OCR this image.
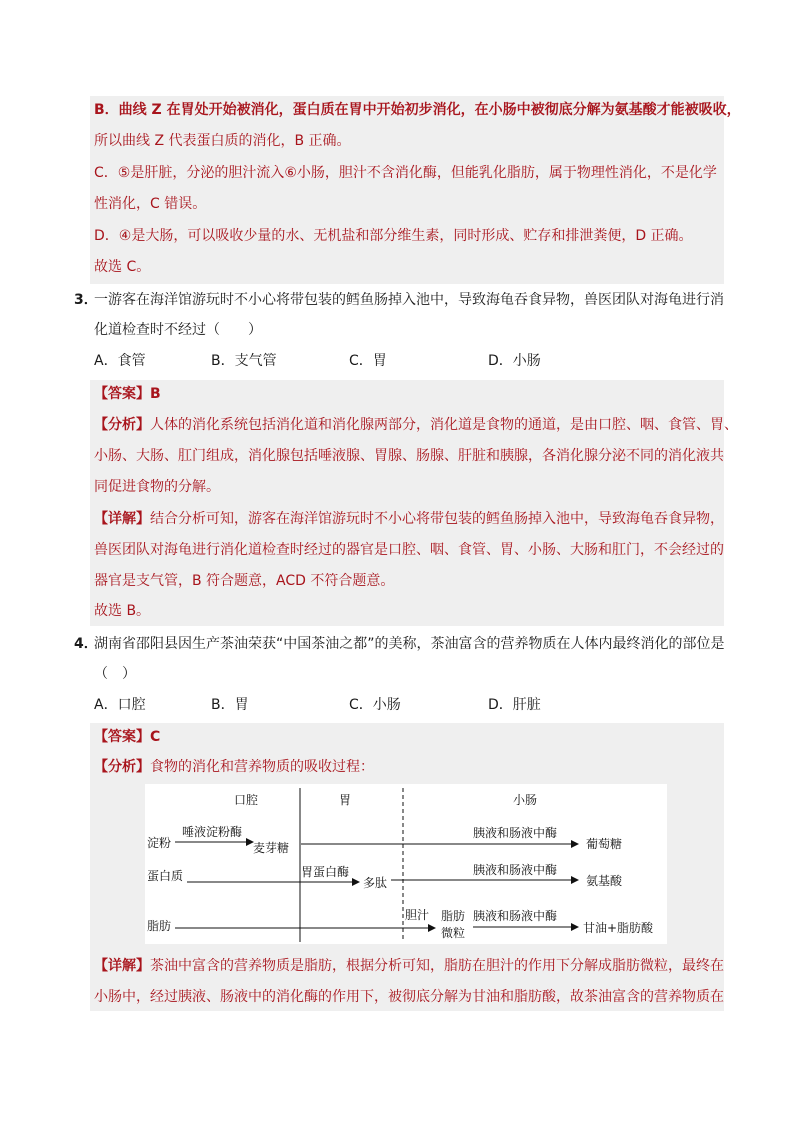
B．曲线 Z 在胃处开始被消化，蛋白质在胃中开始初步消化，在小肠中被彻底分解为氨基酸才能被吸收，
所以曲线 Z 代表蛋白质的消化，B 正确。
C．⑤是肝脏，分泌的胆汁流入⑥小肠，胆汁不含消化酶，但能乳化脂肪，属于物理性消化，不是化学
性消化，C 错误。
D．④是大肠，可以吸收少量的水、无机盐和部分维生素，同时形成、贮存和排泄粪便，D 正确。
故选 C。
3．
一游客在海洋馆游玩时不小心将带包装的鳕鱼肠掉入池中，导致海龟吞食异物，兽医团队对海龟进行消
化道检查时不经过（　　）
A．食管	B．支气管	C．胃	D．小肠
【答案】B
【分析】人体的消化系统包括消化道和消化腺两部分，消化道是食物的通道，是由口腔、咽、食管、胃、
小肠、大肠、肛门组成，消化腺包括唾液腺、胃腺、肠腺、肝脏和胰腺，各消化腺分泌不同的消化液共
同促进食物的分解。
【详解】结合分析可知，游客在海洋馆游玩时不小心将带包装的鳕鱼肠掉入池中，导致海龟吞食异物，
兽医团队对海龟进行消化道检查时经过的器官是口腔、咽、食管、胃、小肠、大肠和肛门，不会经过的
器官是支气管，B 符合题意，ACD 不符合题意。
故选 B。
4．
湖南省邵阳县因生产茶油荣获“中国茶油之都”的美称，茶油富含的营养物质在人体内最终消化的部位是
（　）
A．口腔	B．胃	C．小肠	D．肝脏
【答案】C
【分析】食物的消化和营养物质的吸收过程：
口腔	胃	小肠
淀粉
蛋白质
脂肪
唾液淀粉酶
麦芽糖
胰液和肠液中酶
葡萄糖
胃蛋白酶
多肽
胰液和肠液中酶
氨基酸
胆汁 脂肪
微粒
胰液和肠液中酶
甘油+脂肪酸
【详解】茶油中富含的营养物质是脂肪，根据分析可知，脂肪在胆汁的作用下分解成脂肪微粒，最终在
小肠中，经过胰液、肠液中的消化酶的作用下，被彻底分解为甘油和脂肪酸，故茶油富含的营养物质在
